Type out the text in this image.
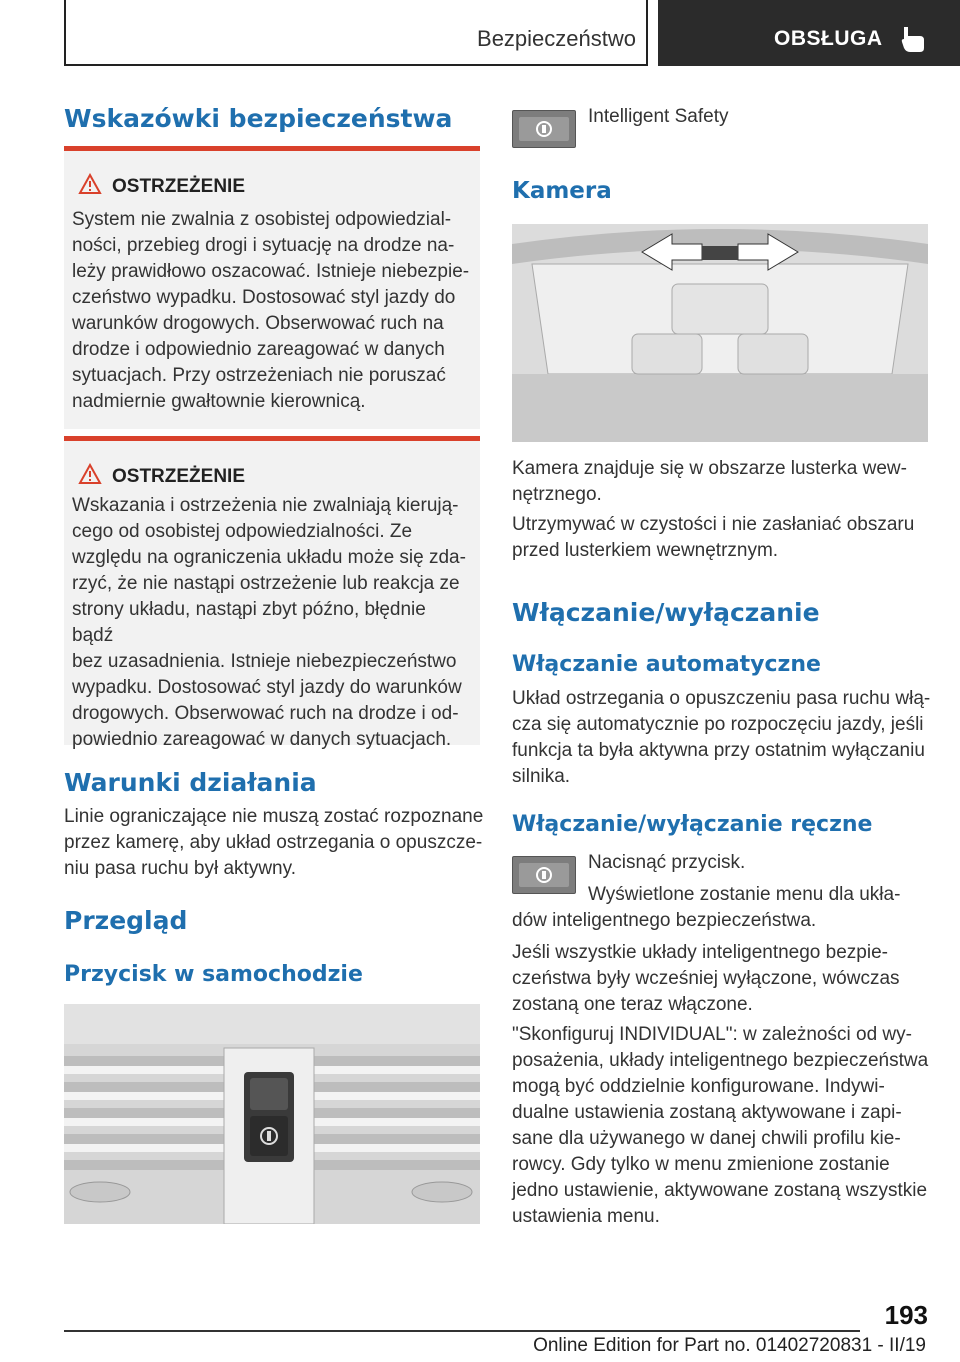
Bezpieczeństwo	OBSŁUGA
Wskazówki bezpieczeństwa
OSTRZEŻENIE
System nie zwalnia z osobistej odpowiedzial-
ności, przebieg drogi i sytuację na drodze na-
leży prawidłowo oszacować. Istnieje niebezpie-
czeństwo wypadku. Dostosować styl jazdy do
warunków drogowych. Obserwować ruch na
drodze i odpowiednio zareagować w danych
sytuacjach. Przy ostrzeżeniach nie poruszać
nadmiernie gwałtownie kierownicą.
OSTRZEŻENIE
Wskazania i ostrzeżenia nie zwalniają kierują-
cego od osobistej odpowiedzialności. Ze
względu na ograniczenia układu może się zda-
rzyć, że nie nastąpi ostrzeżenie lub reakcja ze
strony układu, nastąpi zbyt późno, błędnie bądź
bez uzasadnienia. Istnieje niebezpieczeństwo
wypadku. Dostosować styl jazdy do warunków
drogowych. Obserwować ruch na drodze i od-
powiednio zareagować w danych sytuacjach.
Warunki działania
Linie ograniczające nie muszą zostać rozpoznane
przez kamerę, aby układ ostrzegania o opuszcze-
niu pasa ruchu był aktywny.
Przegląd
Przycisk w samochodzie
Intelligent Safety
Kamera
Kamera znajduje się w obszarze lusterka wew-
nętrznego.
Utrzymywać w czystości i nie zasłaniać obszaru
przed lusterkiem wewnętrznym.
Włączanie/wyłączanie
Włączanie automatyczne
Układ ostrzegania o opuszczeniu pasa ruchu włą-
cza się automatycznie po rozpoczęciu jazdy, jeśli
funkcja ta była aktywna przy ostatnim wyłączaniu
silnika.
Włączanie/wyłączanie ręczne
Nacisnąć przycisk.
Wyświetlone zostanie menu dla ukła-
dów inteligentnego bezpieczeństwa.
Jeśli wszystkie układy inteligentnego bezpie-
czeństwa były wcześniej wyłączone, wówczas
zostaną one teraz włączone.
"Skonfiguruj INDIVIDUAL": w zależności od wy-
posażenia, układy inteligentnego bezpieczeństwa
mogą być oddzielnie konfigurowane. Indywi-
dualne ustawienia zostaną aktywowane i zapi-
sane dla używanego w danej chwili profilu kie-
rowcy. Gdy tylko w menu zmienione zostanie
jedno ustawienie, aktywowane zostaną wszystkie
ustawienia menu.
193
Online Edition for Part no. 01402720831 - II/19
